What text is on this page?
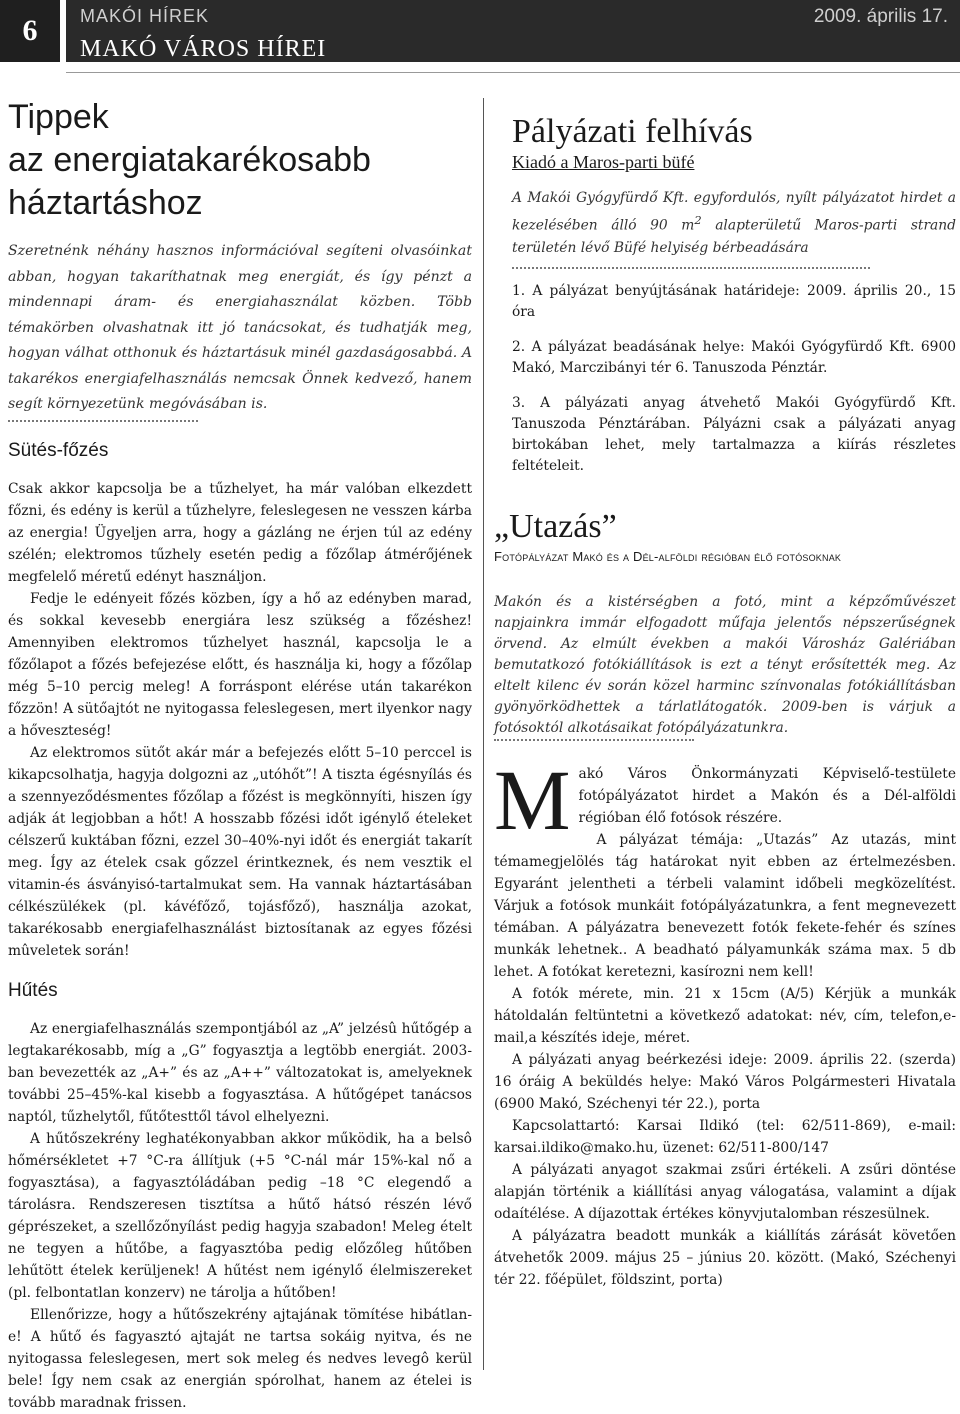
6	MAKÓI HÍREK	2009. április 17.
MAKÓ VÁROS HÍREI
Tippek
az energiatakarékosabb
háztartáshoz
Szeretnénk néhány hasznos információval segíteni olvasóinkat abban, hogyan takaríthatnak meg energiát, és így pénzt a mindennapi áram- és energiahasználat közben. Több témakörben olvashatnak itt jó tanácsokat, és tudhatják meg, hogyan válhat otthonuk és háztartásuk minél gazdaságosabbá. A takarékos energiafelhasználás nemcsak Önnek kedvező, hanem segít környezetünk megóvásában is.
Sütés-főzés

Csak akkor kapcsolja be a tűzhelyet, ha már valóban elkezdett főzni, és edény is kerül a tűzhelyre, feleslegesen ne vesszen kárba az energia! Ügyeljen arra, hogy a gázláng ne érjen túl az edény szélén; elektromos tűzhely esetén pedig a főzőlap átmérőjének megfelelő méretű edényt használjon.

Fedje le edényeit főzés közben, így a hő az edényben marad, és sokkal kevesebb energiára lesz szükség a főzéshez! Amennyiben elektromos tűzhelyet használ, kapcsolja le a főzőlapot a főzés befejezése előtt, és használja ki, hogy a főzőlap még 5–10 percig meleg! A forráspont elérése után takarékon főzzön! A sütőajtót ne nyitogassa feleslegesen, mert ilyenkor nagy a hőveszteség!

Az elektromos sütőt akár már a befejezés előtt 5–10 perccel is kikapcsolhatja, hagyja dolgozni az „utóhőt”! A tiszta égésnyílás és a szennyeződésmentes főzőlap a főzést is megkönnyíti, hiszen így adják át legjobban a hőt! A hosszabb főzési időt igénylő ételeket célszerű kuktában főzni, ezzel 30–40%-nyi időt és energiát takarít meg. Így az ételek csak gőzzel érintkeznek, és nem vesztik el vitamin-és ásványisó-tartalmukat sem. Ha vannak háztartásában célkészülékek (pl. kávéfőző, tojásfőző), használja azokat, takarékosabb energiafelhasználást biztosítanak az egyes főzési mûveletek során!

Hűtés

Az energiafelhasználás szempontjából az „A” jelzésû hűtőgép a legtakarékosabb, míg a „G” fogyasztja a legtöbb energiát. 2003-ban bevezették az „A+” és az „A++” változatokat is, amelyeknek további 25–45%-kal kisebb a fogyasztása. A hűtőgépet tanácsos naptól, tűzhelytől, fűtőtesttől távol elhelyezni.

A hűtőszekrény leghatékonyabban akkor működik, ha a belsô hőmérsékletet +7 °C-ra állítjuk (+5 °C-nál már 15%-kal nő a fogyasztása), a fagyasztóládában pedig –18 °C elegendő a tárolásra. Rendszeresen tisztítsa a hűtő hátsó részén lévő géprészeket, a szellőzőnyílást pedig hagyja szabadon! Meleg ételt ne tegyen a hűtőbe, a fagyasztóba pedig előzőleg hűtőben lehűtött ételek kerüljenek! A hűtést nem igénylő élelmiszereket (pl. felbontatlan konzerv) ne tárolja a hűtőben!

Ellenőrizze, hogy a hűtőszekrény ajtajának tömítése hibátlan-e! A hűtő és fagyasztó ajtaját ne tartsa sokáig nyitva, és ne nyitogassa feleslegesen, mert sok meleg és nedves levegô kerül bele! Így nem csak az energián spórolhat, hanem az ételei is tovább maradnak frissen.

Pályázati felhívás
Kiadó a Maros-parti büfé
A Makói Gyógyfürdő Kft. egyfordulós, nyílt pályázatot hirdet a kezelésében álló 90 $m^2$ alapterületű Maros-parti strand területén lévő Büfé helyiség bérbeadására
1. A pályázat benyújtásának határideje: 2009. április 20., 15 óra
2. A pályázat beadásának helye: Makói Gyógyfürdő Kft. 6900 Makó, Marczibányi tér 6. Tanuszoda Pénztár.
3. A pályázati anyag átvehető Makói Gyógyfürdő Kft. Tanuszoda Pénztárában. Pályázni csak a pályázati anyag birtokában lehet, mely tartalmazza a kiírás részletes feltételeit.
„Utazás”
Fotópályázat Makó és a Dél-alföldi régióban élő fotósoknak
Makón és a kistérségben a fotó, mint a képzőművészet napjainkra immár elfogadott műfaja jelentős népszerűségnek örvend. Az elmúlt években a makói Városház Galériában bemutatkozó fotókiállítások is ezt a tényt erősítették meg. Az eltelt kilenc év során közel harminc színvonalas fotókiállításban gyönyörködhettek a tárlatlátogatók. 2009-ben is várjuk a fotósoktól alkotásaikat fotópályázatunkra.

Makó Város Önkormányzati Képviselő-testülete fotópályázatot hirdet a Makón és a Dél-alföldi régióban élő fotósok részére.

A pályázat témája: „Utazás” Az utazás, mint témamegjelölés tág határokat nyit ebben az értelmezésben. Egyaránt jelentheti a térbeli valamint időbeli megközelítést. Várjuk a fotósok munkáit fotópályázatunkra, a fent megnevezett témában. A pályázatra benevezett fotók fekete-fehér és színes munkák lehetnek.. A beadható pályamunkák száma max. 5 db lehet. A fotókat keretezni, kasírozni nem kell!

A fotók mérete, min. 21 x 15cm (A/5) Kérjük a munkák hátoldalán feltüntetni a következő adatokat: név, cím, telefon,e-mail,a készítés ideje, méret.

A pályázati anyag beérkezési ideje: 2009. április 22. (szerda) 16 óráig A beküldés helye: Makó Város Polgármesteri Hivatala (6900 Makó, Széchenyi tér 22.), porta

Kapcsolattartó: Karsai Ildikó (tel: 62/511-869), e-mail: karsai.ildiko@mako.hu, üzenet: 62/511-800/147

A pályázati anyagot szakmai zsűri értékeli. A zsűri döntése alapján történik a kiállítási anyag válogatása, valamint a díjak odaítélése. A díjazottak értékes könyvjutalomban részesülnek.

A pályázatra beadott munkák a kiállítás zárását követően átvehetők 2009. május 25 – június 20. között. (Makó, Széchenyi tér 22. főépület, földszint, porta)
